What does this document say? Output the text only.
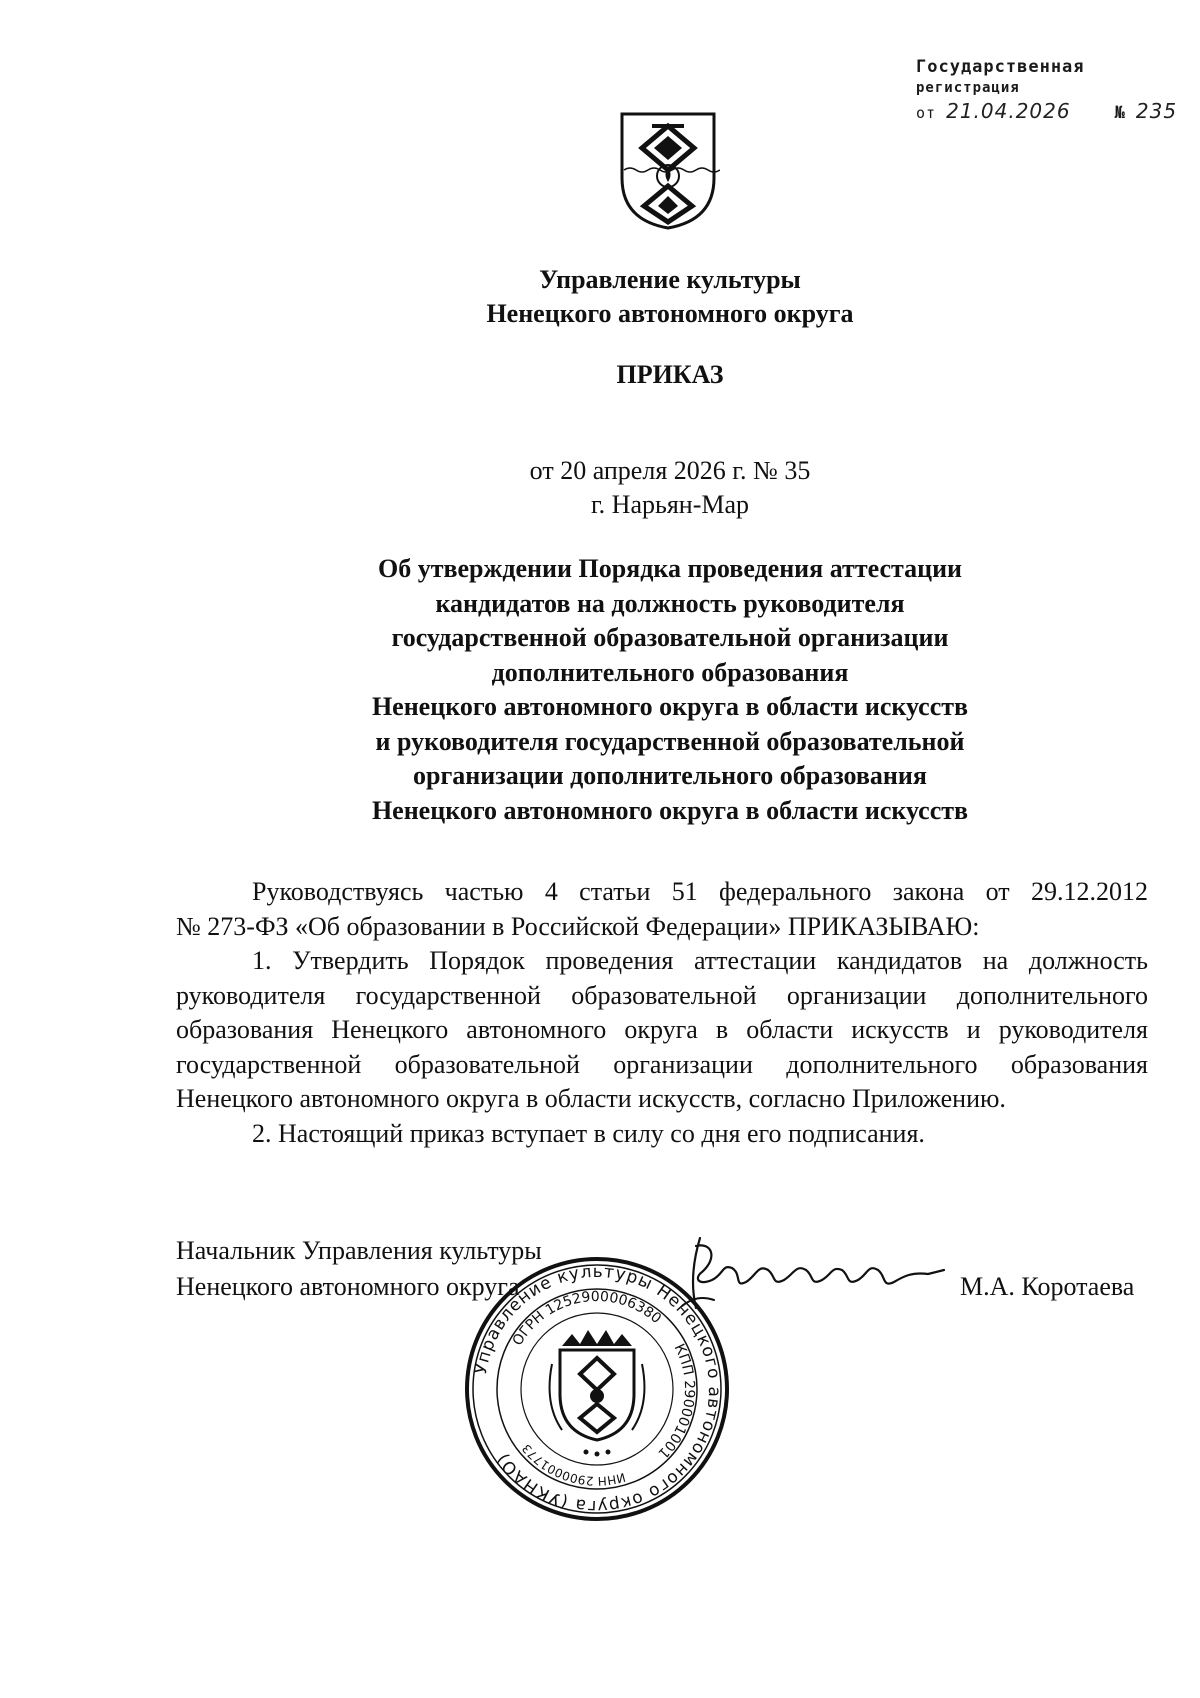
Государственная
регистрация
от 21.04.2026	№ 235
Управление культуры
Ненецкого автономного округа
ПРИКАЗ
от 20 апреля 2026 г. № 35
г. Нарьян-Мар
Об утверждении Порядка проведения аттестации
кандидатов на должность руководителя
государственной образовательной организации
дополнительного образования
Ненецкого автономного округа в области искусств
и руководителя государственной образовательной
организации дополнительного образования
Ненецкого автономного округа в области искусств

Руководствуясь частью 4 статьи 51 федерального закона от 29.12.2012

№ 273-ФЗ «Об образовании в Российской Федерации» ПРИКАЗЫВАЮ:

1. Утвердить Порядок проведения аттестации кандидатов на должность руководителя государственной образовательной организации дополнительного образования Ненецкого автономного округа в области искусств и руководителя государственной образовательной организации дополнительного образования Ненецкого автономного округа в области искусств, согласно Приложению.

2. Настоящий приказ вступает в силу со дня его подписания.

Начальник Управления культуры
Ненецкого автономного округа
Управление культуры Ненецкого автономного округа (УКНАО)
ОГРН 1252900006380
КПП 290001001
ИНН 2900001773
М.А. Коротаева
